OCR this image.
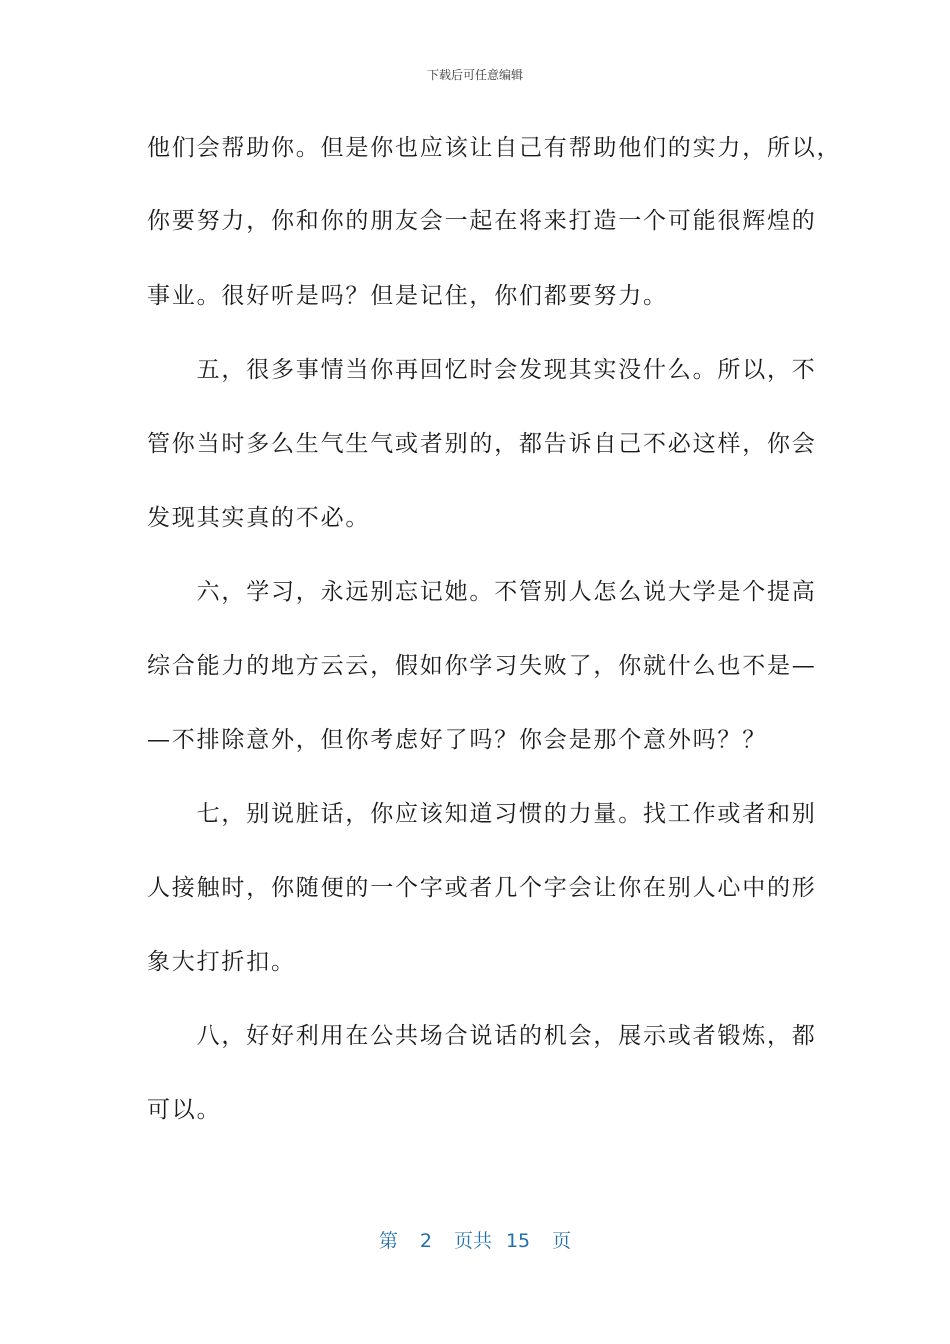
下载后可任意编辑
他们会帮助你。但是你也应该让自己有帮助他们的实力，所以，
你要努力，你和你的朋友会一起在将来打造一个可能很辉煌的
事业。很好听是吗？但是记住，你们都要努力。
　　五，很多事情当你再回忆时会发现其实没什么。所以，不
管你当时多么生气生气或者别的，都告诉自己不必这样，你会
发现其实真的不必。
　　六，学习，永远别忘记她。不管别人怎么说大学是个提高
综合能力的地方云云，假如你学习失败了，你就什么也不是—
—不排除意外，但你考虑好了吗？你会是那个意外吗？？
　　七，别说脏话，你应该知道习惯的力量。找工作或者和别
人接触时，你随便的一个字或者几个字会让你在别人心中的形
象大打折扣。
　　八，好好利用在公共场合说话的机会，展示或者锻炼，都
可以。
第 2 页共 15 页
